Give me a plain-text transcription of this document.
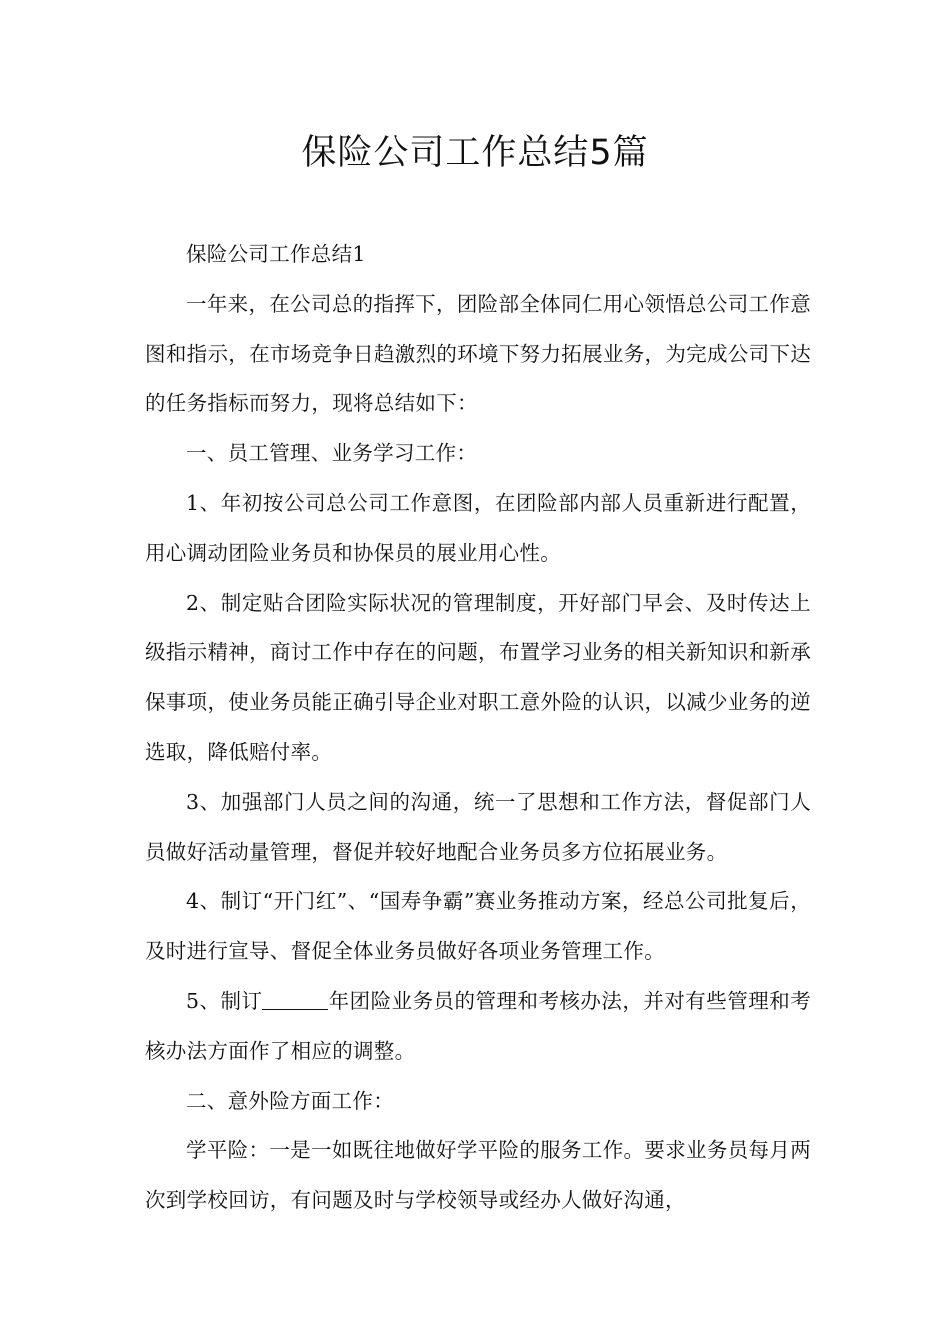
保险公司工作总结5篇

保险公司工作总结1

一年来，在公司总的指挥下，团险部全体同仁用心领悟总公司工作意图和指示，在市场竞争日趋激烈的环境下努力拓展业务，为完成公司下达的任务指标而努力，现将总结如下：

一、员工管理、业务学习工作：

1、年初按公司总公司工作意图，在团险部内部人员重新进行配置，用心调动团险业务员和协保员的展业用心性。

2、制定贴合团险实际状况的管理制度，开好部门早会、及时传达上级指示精神，商讨工作中存在的问题，布置学习业务的相关新知识和新承保事项，使业务员能正确引导企业对职工意外险的认识，以减少业务的逆选取，降低赔付率。

3、加强部门人员之间的沟通，统一了思想和工作方法，督促部门人员做好活动量管理，督促并较好地配合业务员多方位拓展业务。

4、制订“开门红”、“国寿争霸”赛业务推动方案，经总公司批复后，及时进行宣导、督促全体业务员做好各项业务管理工作。

5、制订	年团险业务员的管理和考核办法，并对有些管理和考核办法方面作了相应的调整。

二、意外险方面工作：

学平险：一是一如既往地做好学平险的服务工作。要求业务员每月两次到学校回访，有问题及时与学校领导或经办人做好沟通，
